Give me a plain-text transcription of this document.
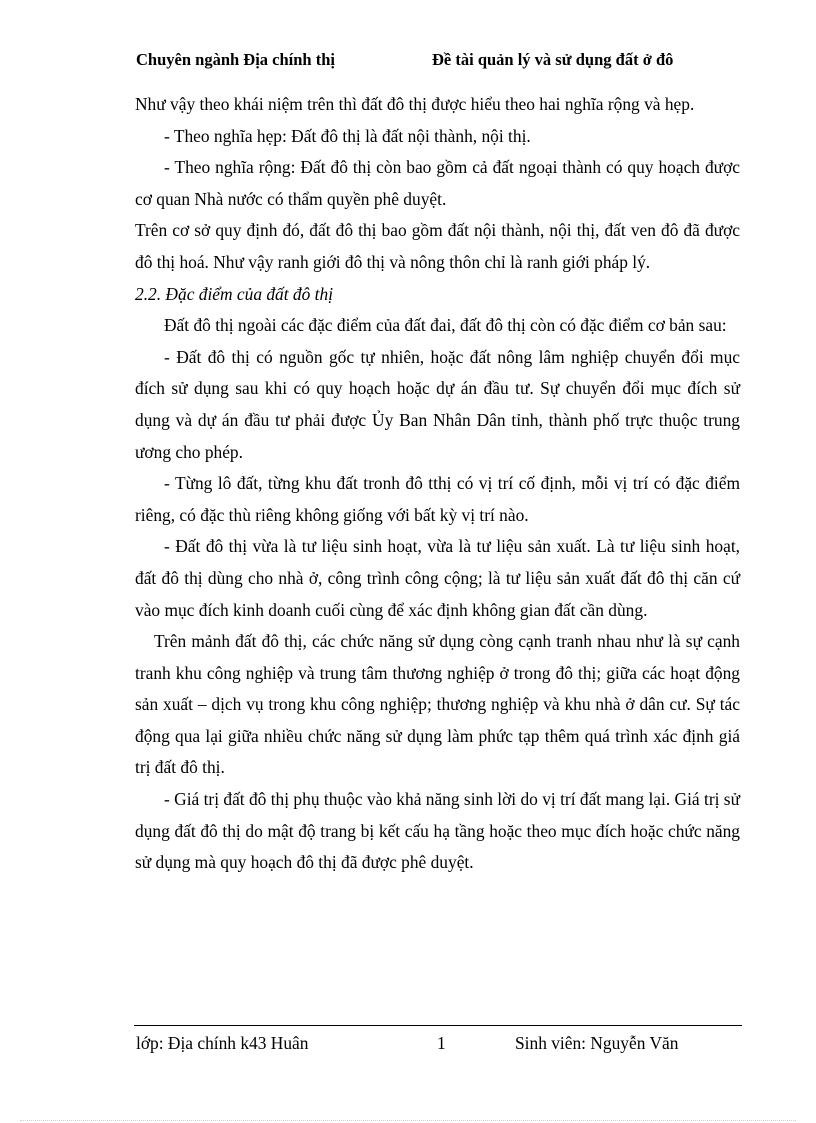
Chuyên ngành Địa chính thị	Đề tài quản lý và sử dụng đất ở đô

Như vậy theo khái niệm trên thì đất đô thị được hiểu theo hai nghĩa rộng và hẹp.

- Theo nghĩa hẹp: Đất đô thị là đất nội thành, nội thị.

- Theo nghĩa rộng: Đất đô thị còn bao gồm cả đất ngoại thành có quy hoạch được cơ quan Nhà nước có thẩm quyền phê duyệt.

Trên cơ sở quy định đó, đất đô thị bao gồm đất nội thành, nội thị, đất ven đô đã được đô thị hoá. Như vậy ranh giới đô thị và nông thôn chỉ là ranh giới pháp lý.

2.2. Đặc điểm của đất đô thị

Đất đô thị ngoài các đặc điểm của đất đai, đất đô thị còn có đặc điểm cơ bản sau:

- Đất đô thị có nguồn gốc tự nhiên, hoặc đất nông lâm nghiệp chuyển đổi mục đích sử dụng sau khi có quy hoạch hoặc dự án đầu tư. Sự chuyển đổi mục đích sử dụng và dự án đầu tư phải được Ủy Ban Nhân Dân tỉnh, thành phố trực thuộc trung ương cho phép.

- Từng lô đất, từng khu đất tronh đô tthị có vị trí cố định, mỗi vị trí có đặc điểm riêng, có đặc thù riêng không giống với bất kỳ vị trí nào.

- Đất đô thị vừa là tư liệu sinh hoạt, vừa là tư liệu sản xuất. Là tư liệu sinh hoạt, đất đô thị dùng cho nhà ở, công trình công cộng; là tư liệu sản xuất đất đô thị căn cứ vào mục đích kinh doanh cuối cùng để xác định không gian đất cần dùng.

Trên mảnh đất đô thị, các chức năng sử dụng còng cạnh tranh nhau như là sự cạnh tranh khu công nghiệp và trung tâm thương nghiệp ở trong đô thị; giữa các hoạt động sản xuất – dịch vụ trong khu công nghiệp; thương nghiệp và khu nhà ở dân cư. Sự tác động qua lại giữa nhiều chức năng sử dụng làm phức tạp thêm quá trình xác định giá trị đất đô thị.

- Giá trị đất đô thị phụ thuộc vào khả năng sinh lời do vị trí đất mang lại. Giá trị sử dụng đất đô thị do mật độ trang bị kết cấu hạ tầng hoặc theo mục đích hoặc chức năng sử dụng mà quy hoạch đô thị đã được phê duyệt.

lớp: Địa chính k43 Huân	1	Sinh viên: Nguyễn Văn
